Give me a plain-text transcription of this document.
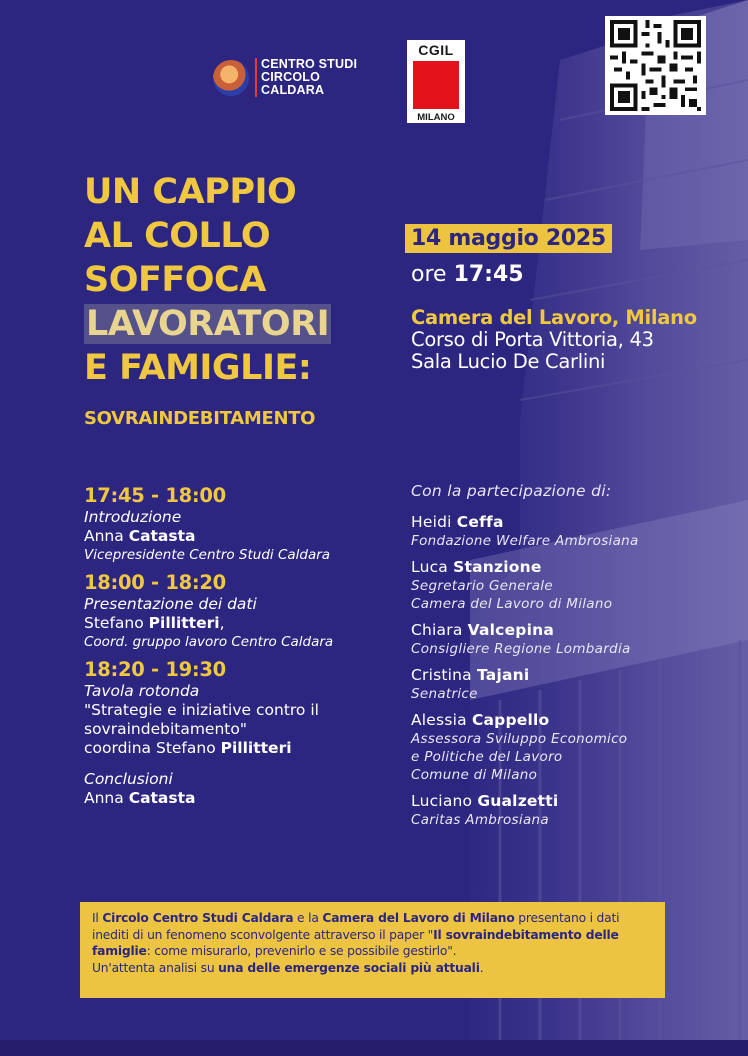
CENTRO STUDI
CIRCOLO
CALDARA
CGIL
MILANO
UN CAPPIO
AL COLLO
SOFFOCA
LAVORATORI
E FAMIGLIE:
SOVRAINDEBITAMENTO
14 maggio 2025
ore 17:45
Camera del Lavoro, Milano
Corso di Porta Vittoria, 43
Sala Lucio De Carlini
17:45 - 18:00
Introduzione
Anna Catasta
Vicepresidente Centro Studi Caldara
18:00 - 18:20
Presentazione dei dati
Stefano Pillitteri,
Coord. gruppo lavoro Centro Caldara
18:20 - 19:30
Tavola rotonda
"Strategie e iniziative contro il
sovraindebitamento"
coordina Stefano Pillitteri
Conclusioni
Anna Catasta
Con la partecipazione di:
Heidi Ceffa
Fondazione Welfare Ambrosiana
Luca Stanzione
Segretario Generale
Camera del Lavoro di Milano
Chiara Valcepina
Consigliere Regione Lombardia
Cristina Tajani
Senatrice
Alessia Cappello
Assessora Sviluppo Economico
e Politiche del Lavoro
Comune di Milano
Luciano Gualzetti
Caritas Ambrosiana
Il Circolo Centro Studi Caldara e la Camera del Lavoro di Milano presentano i dati inediti di un fenomeno sconvolgente attraverso il paper "Il sovraindebitamento delle famiglie: come misurarlo, prevenirlo e se possibile gestirlo".
Un'attenta analisi su una delle emergenze sociali più attuali.
